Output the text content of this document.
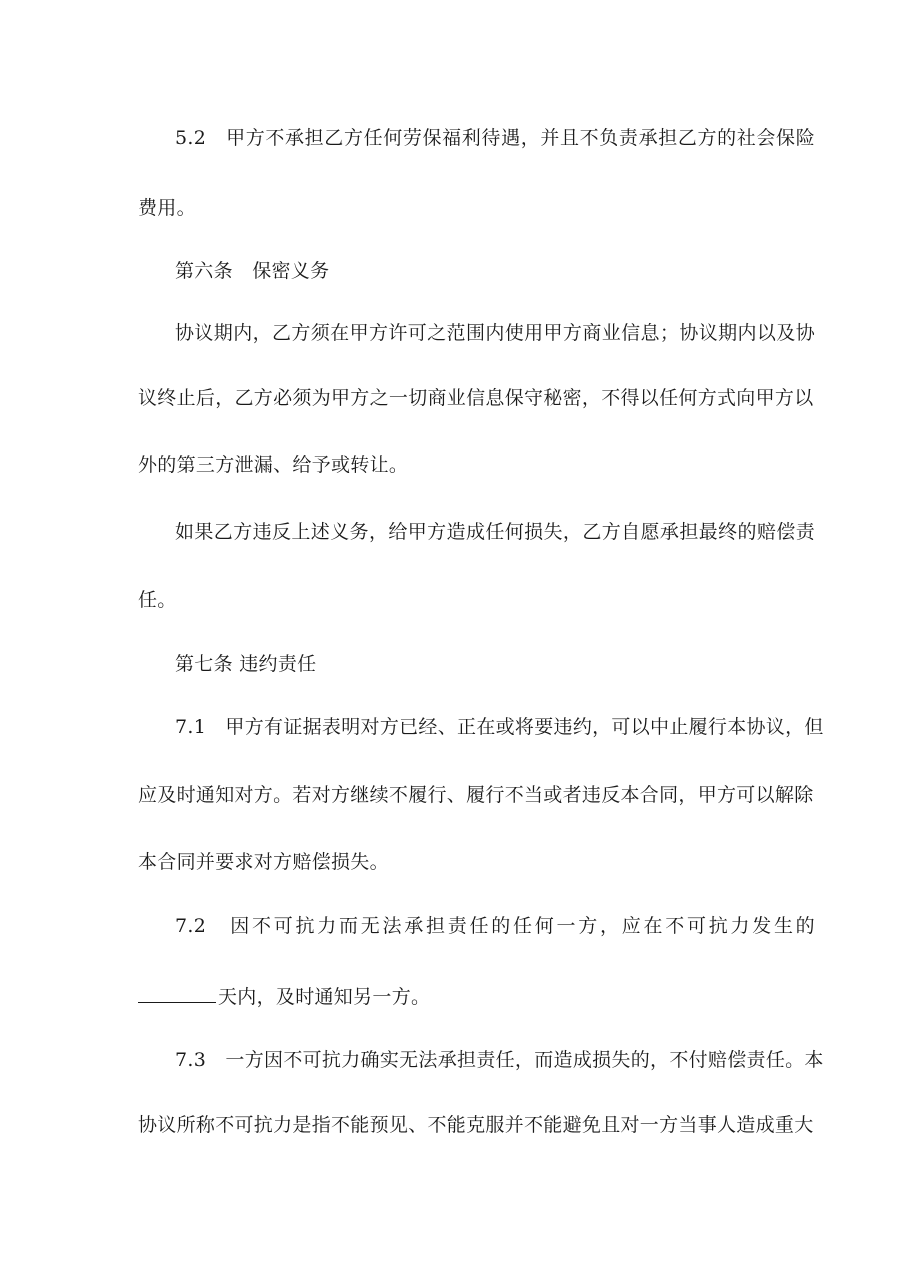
5.2　甲方不承担乙方任何劳保福利待遇，并且不负责承担乙方的社会保险
费用。
第六条　保密义务
协议期内，乙方须在甲方许可之范围内使用甲方商业信息；协议期内以及协
议终止后，乙方必须为甲方之一切商业信息保守秘密，不得以任何方式向甲方以
外的第三方泄漏、给予或转让。
如果乙方违反上述义务，给甲方造成任何损失，乙方自愿承担最终的赔偿责
任。
第七条 违约责任
7.1　甲方有证据表明对方已经、正在或将要违约，可以中止履行本协议，但
应及时通知对方。若对方继续不履行、履行不当或者违反本合同，甲方可以解除
本合同并要求对方赔偿损失。
7.2　因不可抗力而无法承担责任的任何一方，应在不可抗力发生的
天内，及时通知另一方。
7.3　一方因不可抗力确实无法承担责任，而造成损失的，不付赔偿责任。本
协议所称不可抗力是指不能预见、不能克服并不能避免且对一方当事人造成重大
